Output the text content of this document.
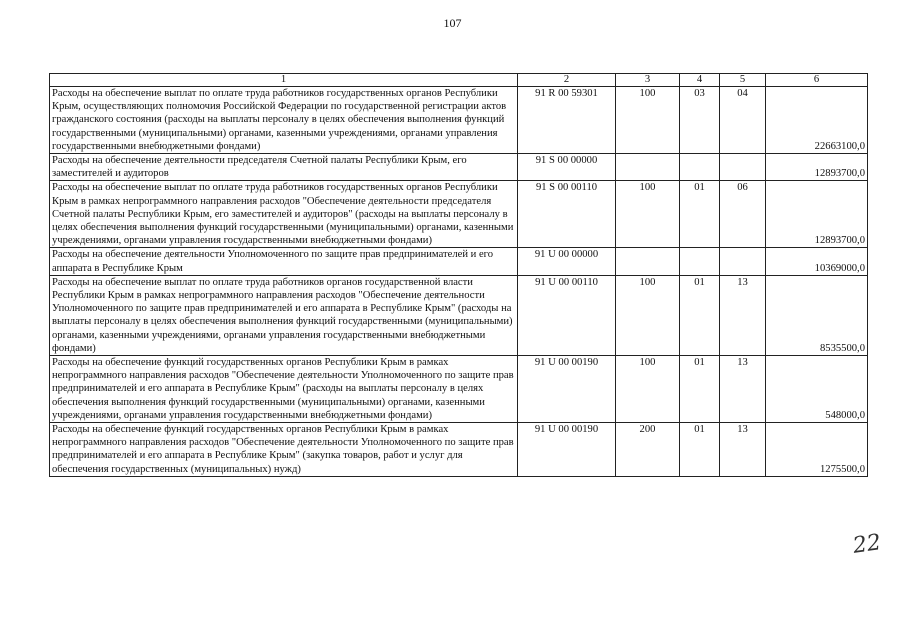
107
1	2	3	4	5	6
Расходы на обеспечение выплат по оплате труда работников государственных органов Республики Крым, осуществляющих полномочия Российской Федерации по государственной регистрации актов гражданского состояния (расходы на выплаты персоналу в целях обеспечения выполнения функций государственными (муниципальными) органами, казенными учреждениями, органами управления государственными внебюджетными фондами)	91 R 00 59301	100	03	04	22663100,0
Расходы на обеспечение деятельности председателя Счетной палаты Республики Крым, его заместителей и аудиторов	91 S 00 00000				12893700,0
Расходы на обеспечение выплат по оплате труда работников государственных органов Республики Крым в рамках непрограммного направления расходов "Обеспечение деятельности председателя Счетной палаты Республики Крым, его заместителей и аудиторов" (расходы на выплаты персоналу в целях обеспечения выполнения функций государственными (муниципальными) органами, казенными учреждениями, органами управления государственными внебюджетными фондами)	91 S 00 00110	100	01	06	12893700,0
Расходы на обеспечение деятельности Уполномоченного по защите прав предпринимателей и его аппарата в Республике Крым	91 U 00 00000				10369000,0
Расходы на обеспечение выплат по оплате труда работников органов государственной власти Республики Крым в рамках непрограммного направления расходов "Обеспечение деятельности Уполномоченного по защите прав предпринимателей и его аппарата в Республике Крым" (расходы на выплаты персоналу в целях обеспечения выполнения функций государственными (муниципальными) органами, казенными учреждениями, органами управления государственными внебюджетными фондами)	91 U 00 00110	100	01	13	8535500,0
Расходы на обеспечение функций государственных органов Республики Крым в рамках непрограммного направления расходов "Обеспечение деятельности Уполномоченного по защите прав предпринимателей и его аппарата в Республике Крым" (расходы на выплаты персоналу в целях обеспечения выполнения функций государственными (муниципальными) органами, казенными учреждениями, органами управления государственными внебюджетными фондами)	91 U 00 00190	100	01	13	548000,0
Расходы на обеспечение функций государственных органов Республики Крым в рамках непрограммного направления расходов "Обеспечение деятельности Уполномоченного по защите прав предпринимателей и его аппарата в Республике Крым" (закупка товаров, работ и услуг для обеспечения государственных (муниципальных) нужд)	91 U 00 00190	200	01	13	1275500,0
22
